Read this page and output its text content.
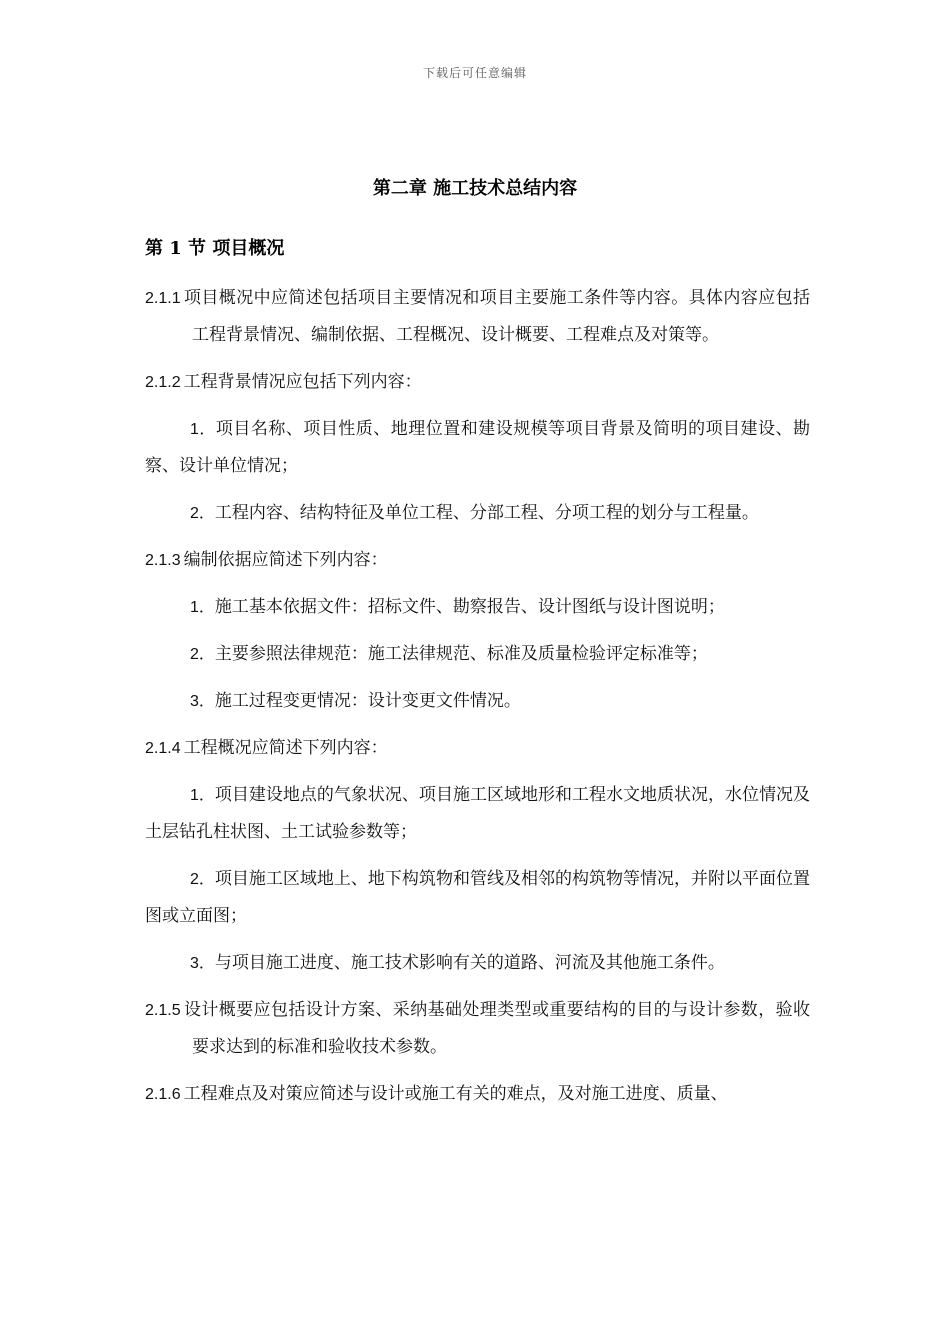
下载后可任意编辑
第二章 施工技术总结内容
第 1 节 项目概况

2.1.1 项目概况中应简述包括项目主要情况和项目主要施工条件等内容。具体内容应包括工程背景情况、编制依据、工程概况、设计概要、工程难点及对策等。

2.1.2 工程背景情况应包括下列内容：

1．项目名称、项目性质、地理位置和建设规模等项目背景及简明的项目建设、勘察、设计单位情况；

2．工程内容、结构特征及单位工程、分部工程、分项工程的划分与工程量。

2.1.3 编制依据应简述下列内容：

1．施工基本依据文件：招标文件、勘察报告、设计图纸与设计图说明；

2．主要参照法律规范：施工法律规范、标准及质量检验评定标准等；

3．施工过程变更情况：设计变更文件情况。

2.1.4 工程概况应简述下列内容：

1．项目建设地点的气象状况、项目施工区域地形和工程水文地质状况，水位情况及土层钻孔柱状图、土工试验参数等；

2．项目施工区域地上、地下构筑物和管线及相邻的构筑物等情况，并附以平面位置图或立面图；

3．与项目施工进度、施工技术影响有关的道路、河流及其他施工条件。

2.1.5 设计概要应包括设计方案、采纳基础处理类型或重要结构的目的与设计参数，验收要求达到的标准和验收技术参数。

2.1.6 工程难点及对策应简述与设计或施工有关的难点，及对施工进度、质量、
